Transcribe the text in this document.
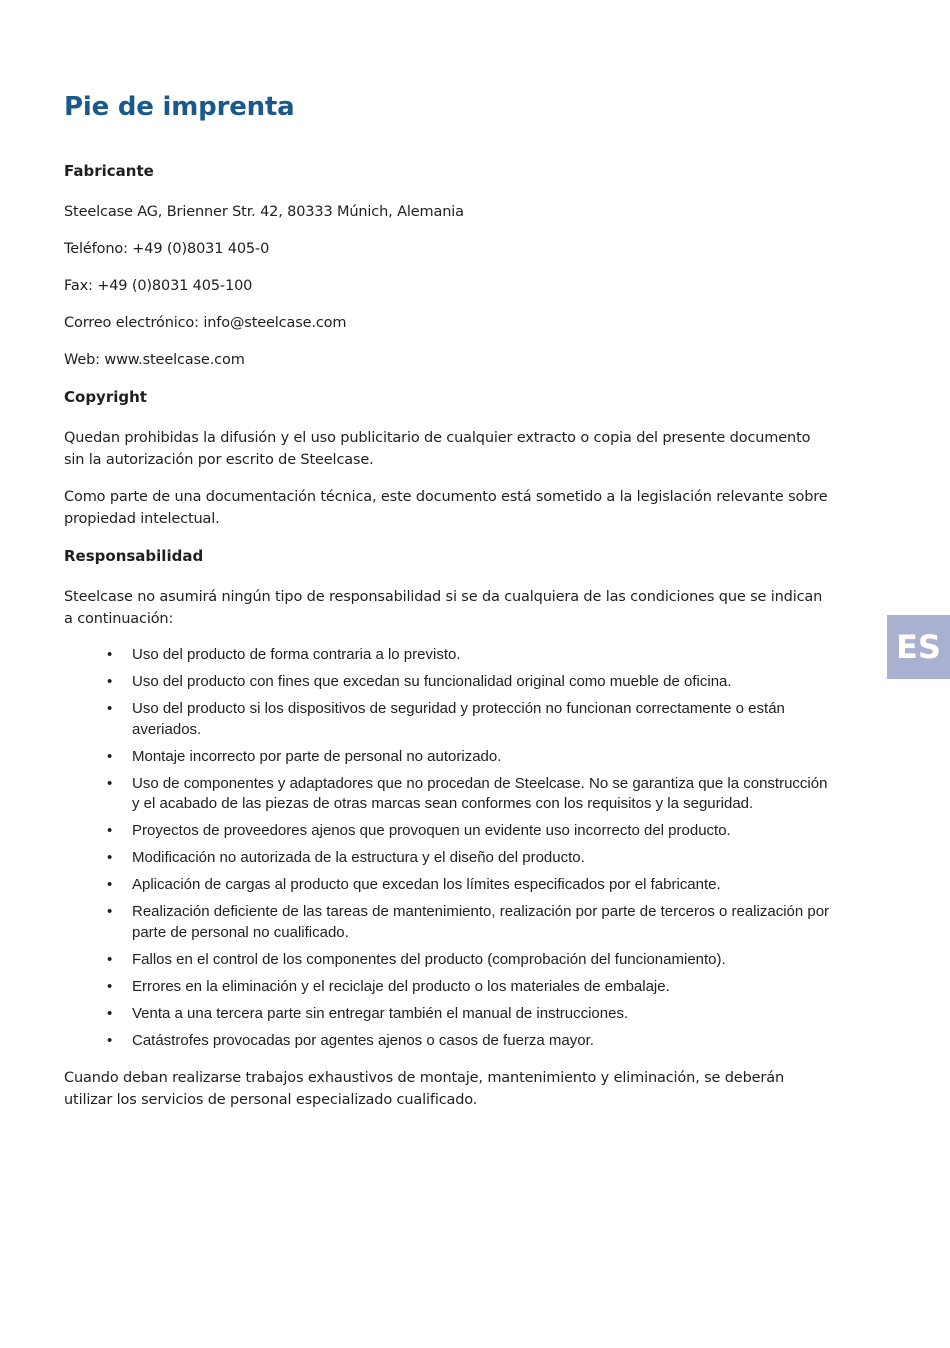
Pie de imprenta

Fabricante

Steelcase AG, Brienner Str. 42, 80333 Múnich, Alemania

Teléfono: +49 (0)8031 405-0

Fax: +49 (0)8031 405-100

Correo electrónico: info@steelcase.com

Web: www.steelcase.com

Copyright

Quedan prohibidas la difusión y el uso publicitario de cualquier extracto o copia del presente documento sin la autorización por escrito de Steelcase.

Como parte de una documentación técnica, este documento está sometido a la legislación relevante sobre propiedad intelectual.

Responsabilidad

Steelcase no asumirá ningún tipo de responsabilidad si se da cualquiera de las condiciones que se indican a continuación:

• Uso del producto de forma contraria a lo previsto.
• Uso del producto con fines que excedan su funcionalidad original como mueble de oficina.
• Uso del producto si los dispositivos de seguridad y protección no funcionan correctamente o están averiados.
• Montaje incorrecto por parte de personal no autorizado.
• Uso de componentes y adaptadores que no procedan de Steelcase. No se garantiza que la construcción y el acabado de las piezas de otras marcas sean conformes con los requisitos y la seguridad.
• Proyectos de proveedores ajenos que provoquen un evidente uso incorrecto del producto.
• Modificación no autorizada de la estructura y el diseño del producto.
• Aplicación de cargas al producto que excedan los límites especificados por el fabricante.
• Realización deficiente de las tareas de mantenimiento, realización por parte de terceros o realización por parte de personal no cualificado.
• Fallos en el control de los componentes del producto (comprobación del funcionamiento).
• Errores en la eliminación y el reciclaje del producto o los materiales de embalaje.
• Venta a una tercera parte sin entregar también el manual de instrucciones.
• Catástrofes provocadas por agentes ajenos o casos de fuerza mayor.

Cuando deban realizarse trabajos exhaustivos de montaje, mantenimiento y eliminación, se deberán utilizar los servicios de personal especializado cualificado.

ES
